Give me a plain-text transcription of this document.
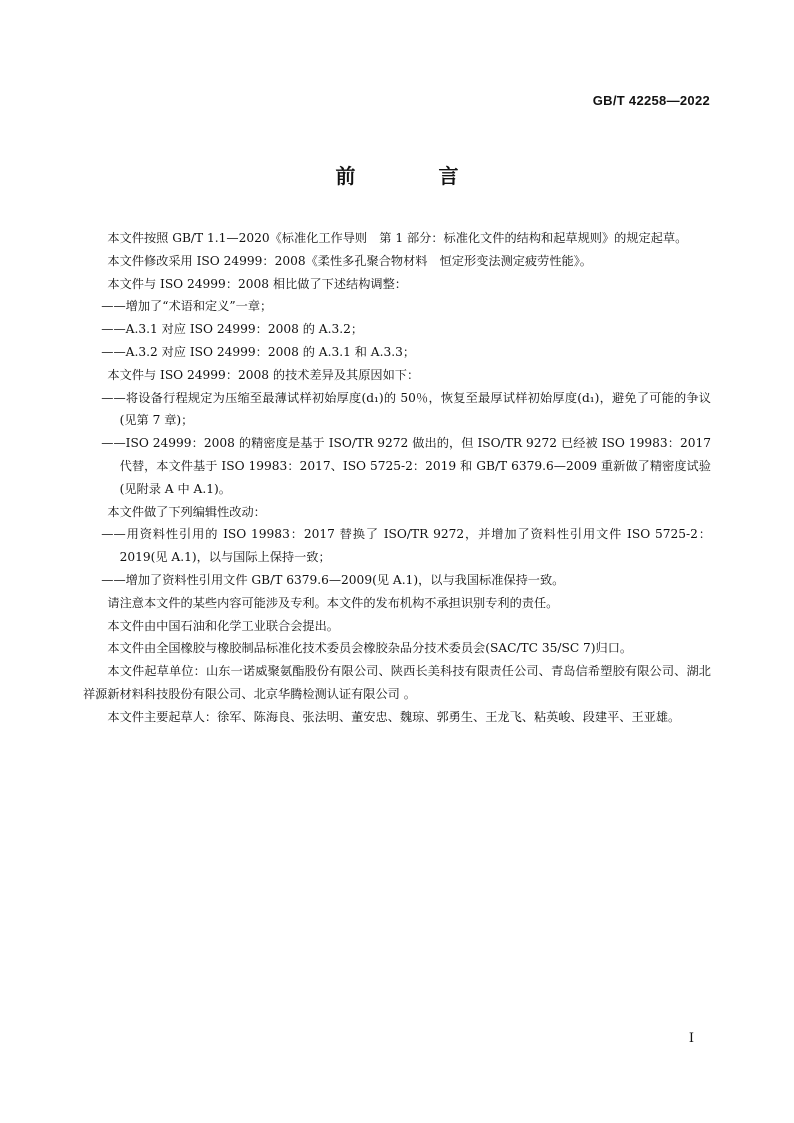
GB/T 42258—2022
前 言

本文件按照 GB/T 1.1—2020《标准化工作导则　第 1 部分：标准化文件的结构和起草规则》的规定起草。

本文件修改采用 ISO 24999：2008《柔性多孔聚合物材料　恒定形变法测定疲劳性能》。

本文件与 ISO 24999：2008 相比做了下述结构调整：

——增加了“术语和定义”一章；

——A.3.1 对应 ISO 24999：2008 的 A.3.2；

——A.3.2 对应 ISO 24999：2008 的 A.3.1 和 A.3.3；

本文件与 ISO 24999：2008 的技术差异及其原因如下：

——将设备行程规定为压缩至最薄试样初始厚度(d₁)的 50％，恢复至最厚试样初始厚度(d₁)，避免了可能的争议(见第 7 章)；

——ISO 24999：2008 的精密度是基于 ISO/TR 9272 做出的，但 ISO/TR 9272 已经被 ISO 19983：2017 代替，本文件基于 ISO 19983：2017、ISO 5725-2：2019 和 GB/T 6379.6—2009 重新做了精密度试验(见附录 A 中 A.1)。

本文件做了下列编辑性改动：

——用资料性引用的 ISO 19983：2017 替换了 ISO/TR 9272，并增加了资料性引用文件 ISO 5725-2：2019(见 A.1)，以与国际上保持一致；

——增加了资料性引用文件 GB/T 6379.6—2009(见 A.1)，以与我国标准保持一致。

请注意本文件的某些内容可能涉及专利。本文件的发布机构不承担识别专利的责任。

本文件由中国石油和化学工业联合会提出。

本文件由全国橡胶与橡胶制品标准化技术委员会橡胶杂品分技术委员会(SAC/TC 35/SC 7)归口。

本文件起草单位：山东一诺威聚氨酯股份有限公司、陕西长美科技有限责任公司、青岛信希塑胶有限公司、湖北祥源新材料科技股份有限公司、北京华腾检测认证有限公司 。

本文件主要起草人：徐军、陈海良、张法明、董安忠、魏琼、郭勇生、王龙飞、粘英峻、段建平、王亚雄。

I
